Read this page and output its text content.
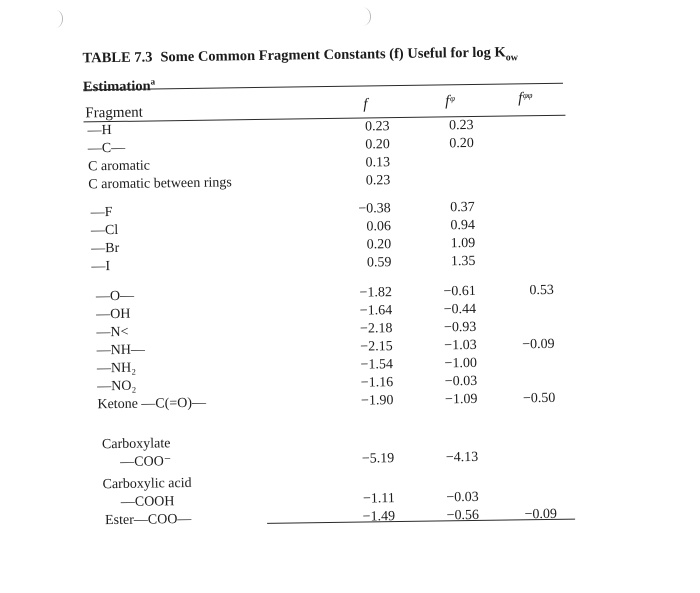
TABLE 7.3 Some Common Fragment Constants (f) Useful for $\log K_{ow}$
Estimation$^a$
Fragment
f	fᵠ	fᵠᵠ
—H	0.23	0.23
—C—	0.20	0.20
C aromatic	0.13
C aromatic between rings	0.23
—F	−0.38	0.37
—Cl	0.06	0.94
—Br	0.20	1.09
—I	0.59	1.35
—O—	−1.82	−0.61	0.53
—OH	−1.64	−0.44
—N<	−2.18	−0.93
—NH—	−2.15	−1.03	−0.09
—NH₂	−1.54	−1.00
—NO₂	−1.16	−0.03
Ketone —C(=O)—	−1.90	−1.09	−0.50
Carboxylate
—COO⁻	−5.19	−4.13
Carboxylic acid
—COOH	−1.11	−0.03
Ester—COO—	−1.49	−0.56	−0.09
